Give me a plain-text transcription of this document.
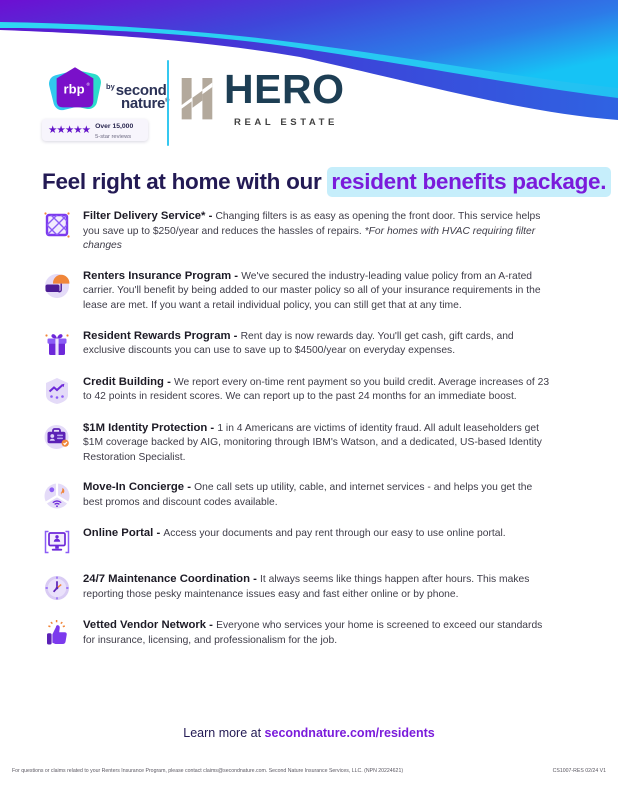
rbp ® $^{by}$second
nature
★★★★★ Over 15,000
5-star reviews
HERO
REAL ESTATE
Feel right at home with our resident benefits package.

Filter Delivery Service* - Changing filters is as easy as opening the front door. This service helps you save up to $250/year and reduces the hassles of repairs. *For homes with HVAC requiring filter changes

Renters Insurance Program - We've secured the industry-leading value policy from an A-rated carrier. You'll benefit by being added to our master policy so all of your insurance requirements in the lease are met. If you want a retail individual policy, you can still get that at any time.

Resident Rewards Program - Rent day is now rewards day. You'll get cash, gift cards, and exclusive discounts you can use to save up to $4500/year on everyday expenses.

Credit Building - We report every on-time rent payment so you build credit. Average increases of 23 to 42 points in resident scores. We can report up to the past 24 months for an immediate boost.

$1M Identity Protection - 1 in 4 Americans are victims of identity fraud. All adult leaseholders get $1M coverage backed by AIG, monitoring through IBM's Watson, and a dedicated, US-based Identity Restoration Specialist.

Move-In Concierge - One call sets up utility, cable, and internet services - and helps you get the best promos and discount codes available.

Online Portal - Access your documents and pay rent through our easy to use online portal.

24/7 Maintenance Coordination - It always seems like things happen after hours. This makes reporting those pesky maintenance issues easy and fast either online or by phone.

Vetted Vendor Network - Everyone who services your home is screened to exceed our standards for insurance, licensing, and professionalism for the job.

Learn more at secondnature.com/residents
For questions or claims related to your Renters Insurance Program, please contact claims@secondnature.com. Second Nature Insurance Services, LLC. (NPN 20224621)	CS1007-RES 02/24 V1
